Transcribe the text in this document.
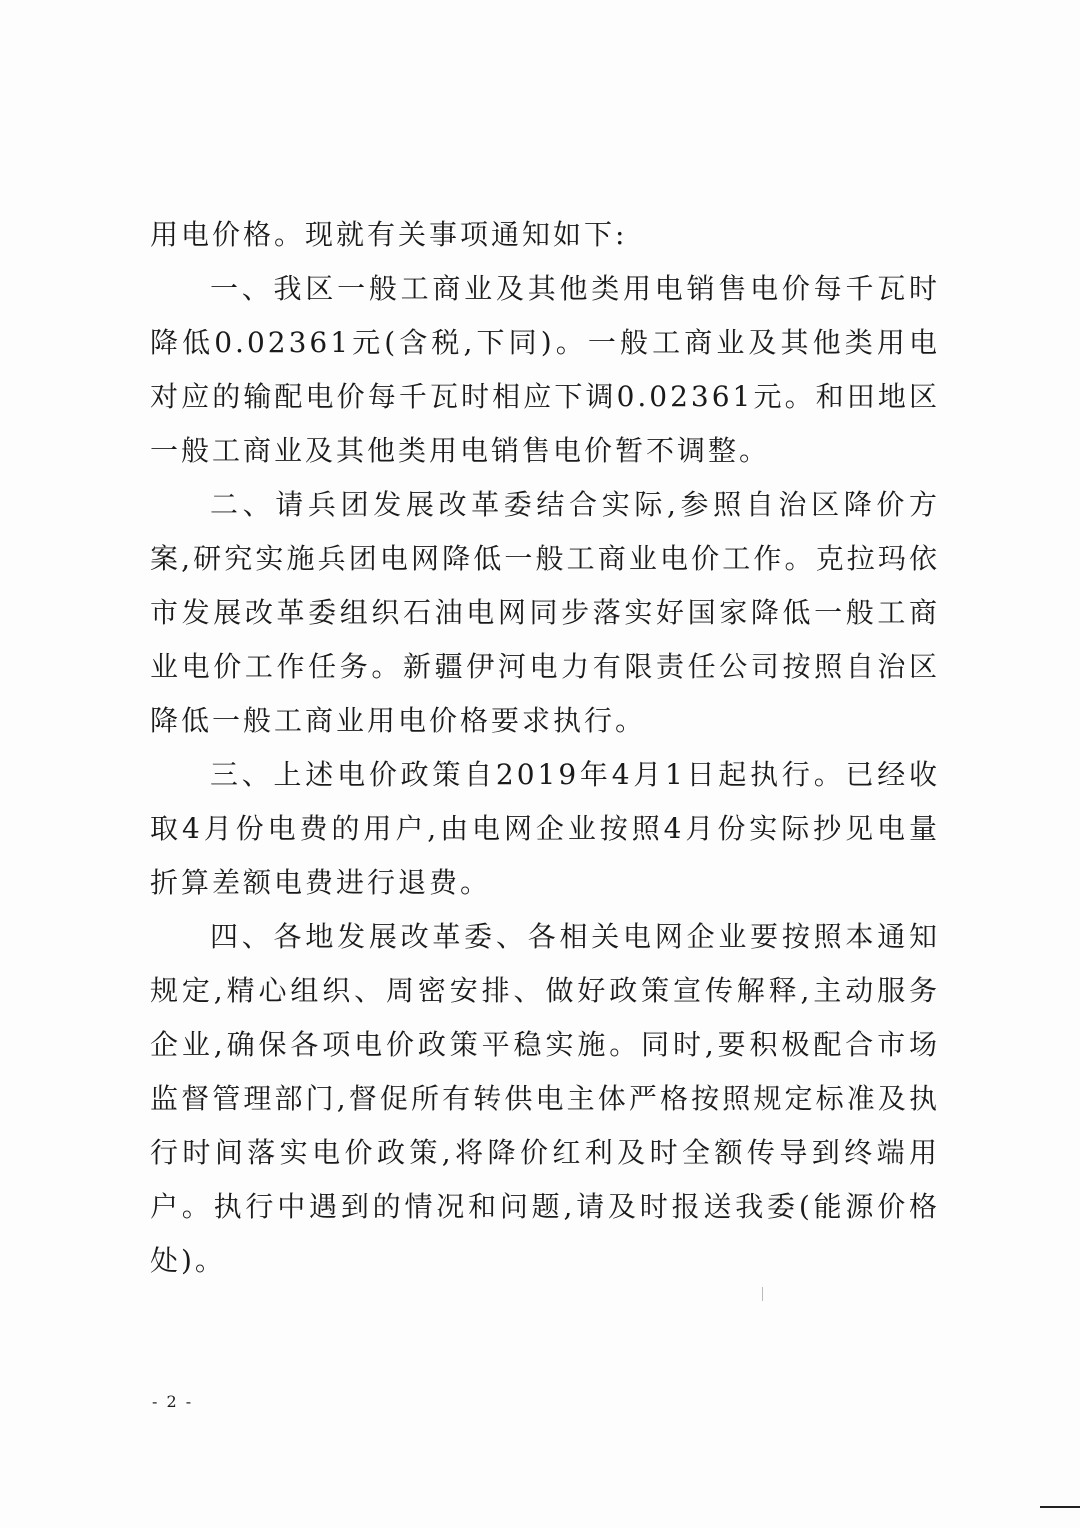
用电价格。现就有关事项通知如下:

一、我区一般工商业及其他类用电销售电价每千瓦时降低0.02361元(含税,下同)。一般工商业及其他类用电对应的输配电价每千瓦时相应下调0.02361元。和田地区一般工商业及其他类用电销售电价暂不调整。

二、请兵团发展改革委结合实际,参照自治区降价方案,研究实施兵团电网降低一般工商业电价工作。克拉玛依市发展改革委组织石油电网同步落实好国家降低一般工商业电价工作任务。新疆伊河电力有限责任公司按照自治区降低一般工商业用电价格要求执行。

三、上述电价政策自2019年4月1日起执行。已经收取4月份电费的用户,由电网企业按照4月份实际抄见电量折算差额电费进行退费。

四、各地发展改革委、各相关电网企业要按照本通知规定,精心组织、周密安排、做好政策宣传解释,主动服务企业,确保各项电价政策平稳实施。同时,要积极配合市场监督管理部门,督促所有转供电主体严格按照规定标准及执行时间落实电价政策,将降价红利及时全额传导到终端用户。执行中遇到的情况和问题,请及时报送我委(能源价格处)。

- 2 -
